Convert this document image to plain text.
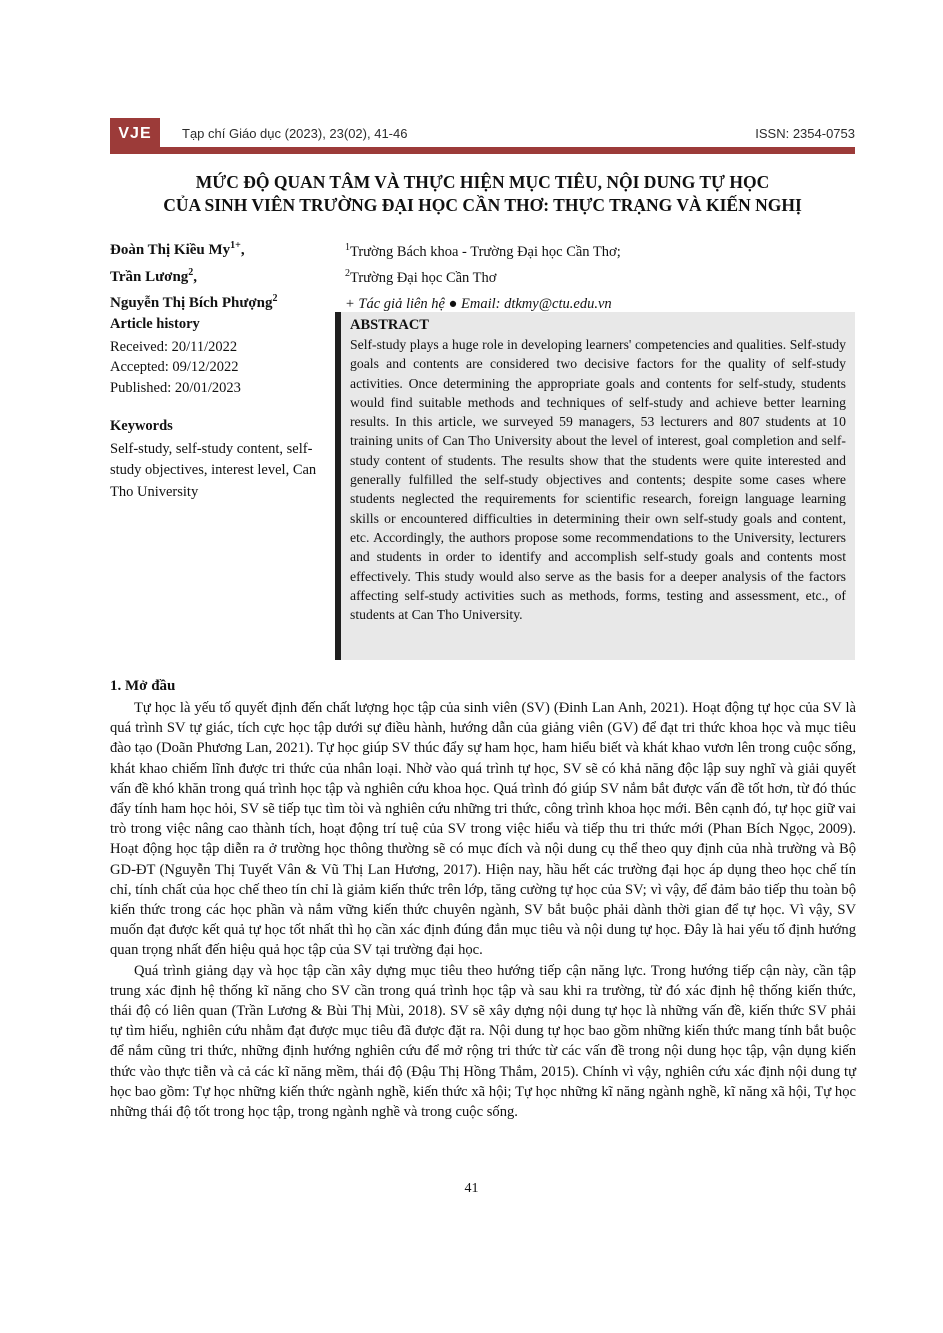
VJE Tạp chí Giáo dục (2023), 23(02), 41-46	ISSN: 2354-0753
MỨC ĐỘ QUAN TÂM VÀ THỰC HIỆN MỤC TIÊU, NỘI DUNG TỰ HỌC
CỦA SINH VIÊN TRƯỜNG ĐẠI HỌC CẦN THƠ: THỰC TRẠNG VÀ KIẾN NGHỊ
Đoàn Thị Kiều $My^{1+}$,
Trần Lương$^2$,
Nguyễn Thị Bích Phượng$^2$
$^1$Trường Bách khoa - Trường Đại học Cần Thơ;
$^2$Trường Đại học Cần Thơ
+ Tác giả liên hệ ● Email: dtkmy@ctu.edu.vn
Article history
Received: 20/11/2022
Accepted: 09/12/2022
Published: 20/01/2023
Keywords
Self-study, self-study content, self-study objectives, interest level, Can Tho University
ABSTRACT
Self-study plays a huge role in developing learners' competencies and qualities. Self-study goals and contents are considered two decisive factors for the quality of self-study activities. Once determining the appropriate goals and contents for self-study, students would find suitable methods and techniques of self-study and achieve better learning results. In this article, we surveyed 59 managers, 53 lecturers and 807 students at 10 training units of Can Tho University about the level of interest, goal completion and self-study content of students. The results show that the students were quite interested and generally fulfilled the self-study objectives and contents; despite some cases where students neglected the requirements for scientific research, foreign language learning skills or encountered difficulties in determining their own self-study goals and content, etc. Accordingly, the authors propose some recommendations to the University, lecturers and students in order to identify and accomplish self-study goals and contents most effectively. This study would also serve as the basis for a deeper analysis of the factors affecting self-study activities such as methods, forms, testing and assessment, etc., of students at Can Tho University.
1. Mở đầu

Tự học là yếu tố quyết định đến chất lượng học tập của sinh viên (SV) (Đinh Lan Anh, 2021). Hoạt động tự học của SV là quá trình SV tự giác, tích cực học tập dưới sự điều hành, hướng dẫn của giảng viên (GV) để đạt tri thức khoa học và mục tiêu đào tạo (Doãn Phương Lan, 2021). Tự học giúp SV thúc đẩy sự ham học, ham hiểu biết và khát khao vươn lên trong cuộc sống, khát khao chiếm lĩnh được tri thức của nhân loại. Nhờ vào quá trình tự học, SV sẽ có khả năng độc lập suy nghĩ và giải quyết vấn đề khó khăn trong quá trình học tập và nghiên cứu khoa học. Quá trình đó giúp SV nắm bắt được vấn đề tốt hơn, từ đó thúc đẩy tính ham học hỏi, SV sẽ tiếp tục tìm tòi và nghiên cứu những tri thức, công trình khoa học mới. Bên cạnh đó, tự học giữ vai trò trong việc nâng cao thành tích, hoạt động trí tuệ của SV trong việc hiểu và tiếp thu tri thức mới (Phan Bích Ngọc, 2009). Hoạt động học tập diễn ra ở trường học thông thường sẽ có mục đích và nội dung cụ thể theo quy định của nhà trường và Bộ GD-ĐT (Nguyễn Thị Tuyết Vân & Vũ Thị Lan Hương, 2017). Hiện nay, hầu hết các trường đại học áp dụng theo học chế tín chỉ, tính chất của học chế theo tín chỉ là giảm kiến thức trên lớp, tăng cường tự học của SV; vì vậy, để đảm bảo tiếp thu toàn bộ kiến thức trong các học phần và nắm vững kiến thức chuyên ngành, SV bắt buộc phải dành thời gian để tự học. Vì vậy, SV muốn đạt được kết quả tự học tốt nhất thì họ cần xác định đúng đắn mục tiêu và nội dung tự học. Đây là hai yếu tố định hướng quan trọng nhất đến hiệu quả học tập của SV tại trường đại học.

Quá trình giảng dạy và học tập cần xây dựng mục tiêu theo hướng tiếp cận năng lực. Trong hướng tiếp cận này, cần tập trung xác định hệ thống kĩ năng cho SV cần trong quá trình học tập và sau khi ra trường, từ đó xác định hệ thống kiến thức, thái độ có liên quan (Trần Lương & Bùi Thị Mùi, 2018). SV sẽ xây dựng nội dung tự học là những vấn đề, kiến thức SV phải tự tìm hiểu, nghiên cứu nhằm đạt được mục tiêu đã được đặt ra. Nội dung tự học bao gồm những kiến thức mang tính bắt buộc để nắm cũng tri thức, những định hướng nghiên cứu để mở rộng tri thức từ các vấn đề trong nội dung học tập, vận dụng kiến thức vào thực tiễn và cả các kĩ năng mềm, thái độ (Đậu Thị Hồng Thắm, 2015). Chính vì vậy, nghiên cứu xác định nội dung tự học bao gồm: Tự học những kiến thức ngành nghề, kiến thức xã hội; Tự học những kĩ năng ngành nghề, kĩ năng xã hội, Tự học những thái độ tốt trong học tập, trong ngành nghề và trong cuộc sống.

41
